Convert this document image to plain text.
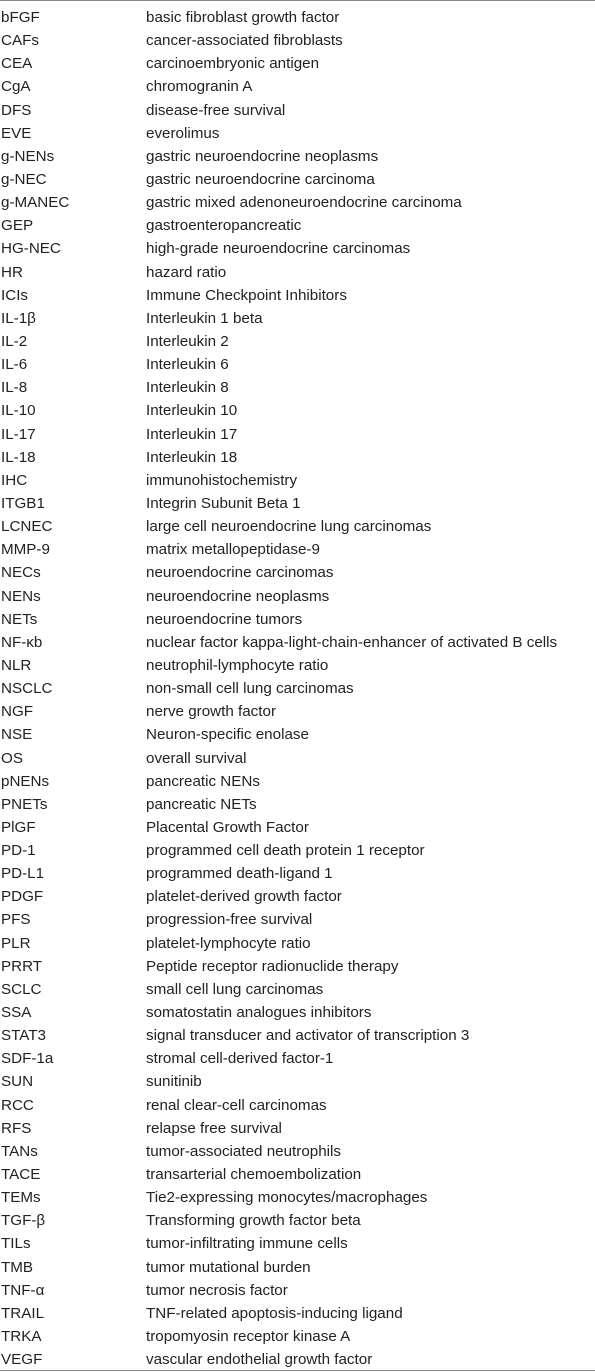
bFGF	basic fibroblast growth factor
CAFs	cancer-associated fibroblasts
CEA	carcinoembryonic antigen
CgA	chromogranin A
DFS	disease-free survival
EVE	everolimus
g-NENs	gastric neuroendocrine neoplasms
g-NEC	gastric neuroendocrine carcinoma
g-MANEC	gastric mixed adenoneuroendocrine carcinoma
GEP	gastroenteropancreatic
HG-NEC	high-grade neuroendocrine carcinomas
HR	hazard ratio
ICIs	Immune Checkpoint Inhibitors
IL-1β	Interleukin 1 beta
IL-2	Interleukin 2
IL-6	Interleukin 6
IL-8	Interleukin 8
IL-10	Interleukin 10
IL-17	Interleukin 17
IL-18	Interleukin 18
IHC	immunohistochemistry
ITGB1	Integrin Subunit Beta 1
LCNEC	large cell neuroendocrine lung carcinomas
MMP-9	matrix metallopeptidase-9
NECs	neuroendocrine carcinomas
NENs	neuroendocrine neoplasms
NETs	neuroendocrine tumors
NF-κb	nuclear factor kappa-light-chain-enhancer of activated B cells
NLR	neutrophil-lymphocyte ratio
NSCLC	non-small cell lung carcinomas
NGF	nerve growth factor
NSE	Neuron-specific enolase
OS	overall survival
pNENs	pancreatic NENs
PNETs	pancreatic NETs
PlGF	Placental Growth Factor
PD-1	programmed cell death protein 1 receptor
PD-L1	programmed death-ligand 1
PDGF	platelet-derived growth factor
PFS	progression-free survival
PLR	platelet-lymphocyte ratio
PRRT	Peptide receptor radionuclide therapy
SCLC	small cell lung carcinomas
SSA	somatostatin analogues inhibitors
STAT3	signal transducer and activator of transcription 3
SDF-1a	stromal cell-derived factor-1
SUN	sunitinib
RCC	renal clear-cell carcinomas
RFS	relapse free survival
TANs	tumor-associated neutrophils
TACE	transarterial chemoembolization
TEMs	Tie2-expressing monocytes/macrophages
TGF-β	Transforming growth factor beta
TILs	tumor-infiltrating immune cells
TMB	tumor mutational burden
TNF-α	tumor necrosis factor
TRAIL	TNF-related apoptosis-inducing ligand
TRKA	tropomyosin receptor kinase A
VEGF	vascular endothelial growth factor
